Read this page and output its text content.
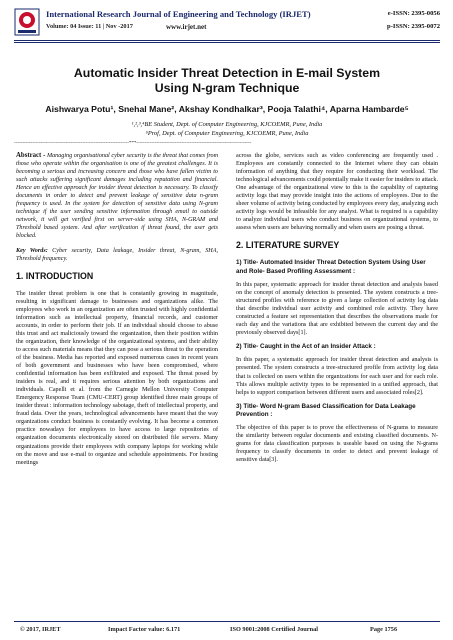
International Research Journal of Engineering and Technology (IRJET)
Volume: 04 Issue: 11 | Nov -2017	www.irjet.net
e-ISSN: 2395-0056
p-ISSN: 2395-0072
Automatic Insider Threat Detection in E-mail System
Using N-gram Technique
Aishwarya Potu¹, Snehal Mane², Akshay Kondhalkar³, Pooja Talathi⁴, Aparna Hambarde⁵
¹,²,³,⁴BE Student, Dept. of Computer Engineering, KJCOEMR, Pune, India
⁵Prof, Dept. of Computer Engineering, KJCOEMR, Pune, India
---------------------------------------------------------------------***---------------------------------------------------------------------

Abstract - Managing organisational cyber security is the threat that comes from those who operate within the organisation is one of the greatest challenges. It is becoming a serious and increasing concern and those who have fallen victim to such attacks suffering significant damages including reputation and financial. Hence an effective approach for insider threat detection is necessary. To classify documents in order to detect and prevent leakage of sensitive data n-gram frequency is used. In the system for detection of sensitive data using N-gram technique if the user sending sensitive information through email to outside network, it will get verified first on server-side using SHA, N-GRAM and Threshold based system. And after verification if threat found, the user gets blocked.

Key Words: Cyber security, Data leakage, Insider threat, N-gram, SHA, Threshold frequency.

1. INTRODUCTION

The insider threat problem is one that is constantly growing in magnitude, resulting in significant damage to businesses and organizations alike. The employees who work in an organization are often trusted with highly confidential information such as intellectual property, financial records, and customer accounts, in order to perform their job. If an individual should choose to abuse this trust and act maliciously toward the organization, then their position within the organization, their knowledge of the organizational systems, and their ability to access such materials means that they can pose a serious threat to the operation of the business. Media has reported and exposed numerous cases in recent years of both government and businesses who have been compromised, where confidential information has been exfiltrated and exposed. The threat posed by insiders is real, and it requires serious attention by both organizations and individuals. Capelli et al. from the Carnegie Mellon University Computer Emergency Response Team (CMU-CERT) group identified three main groups of insider threat : information technology sabotage, theft of intellectual property, and fraud data. Over the years, technological advancements have meant that the way organizations conduct business is constantly evolving. It has become a common practice nowadays for employees to have access to large repositories of organization documents electronically stored on distributed file servers. Many organizations provide their employees with company laptops for working while on the move and use e-mail to organize and schedule appointments. For hosting meetings

across the globe, services such as video conferencing are frequently used . Employees are constantly connected to the Internet where they can obtain information of anything that they require for conducting their workload. The technological advancements could potentially make it easier for insiders to attack. One advantage of the organizational view to this is the capability of capturing activity logs that may provide insight into the actions of employees. Due to the sheer volume of activity being conducted by employees every day, analyzing such activity logs would be infeasible for any analyst. What is required is a capability to analyze individual users who conduct business on organizational systems, to assess when users are behaving normally and when users are posing a threat.

2. LITERATURE SURVEY
1) Title- Automated Insider Threat Detection System Using User and Role- Based Profiling Assessment :

In this paper, systematic approach for insider threat detection and analysis based on the concept of anomaly detection is presented. The system constructs a tree-structured profiles with reference to given a large collection of activity log data that describe individual user activity and combined role activity. They have constructed a feature set representation that describes the observations made for each day and the variations that are exhibited between the current day and the previously observed days[1].

2) Title- Caught in the Act of an Insider Attack :

In this paper, a systematic approach for insider threat detection and analysis is presented. The system constructs a tree-structured profile from activity log data that is collected on users within the organizations for each user and for each role. This allows multiple activity types to be represented in a unified approach, that helps to support comparison between different users and associated roles[2].

3) Title- Word N-gram Based Classification for Data Leakage Prevention :

The objective of this paper is to prove the effectiveness of N-grams to measure the similarity between regular documents and existing classified documents. N-grams for data classification purposes is useable based on using the N-grams frequency to classify documents in order to detect and prevent leakage of sensitive data[3].

© 2017, IRJET	Impact Factor value: 6.171	ISO 9001:2008 Certified Journal	Page 1756
